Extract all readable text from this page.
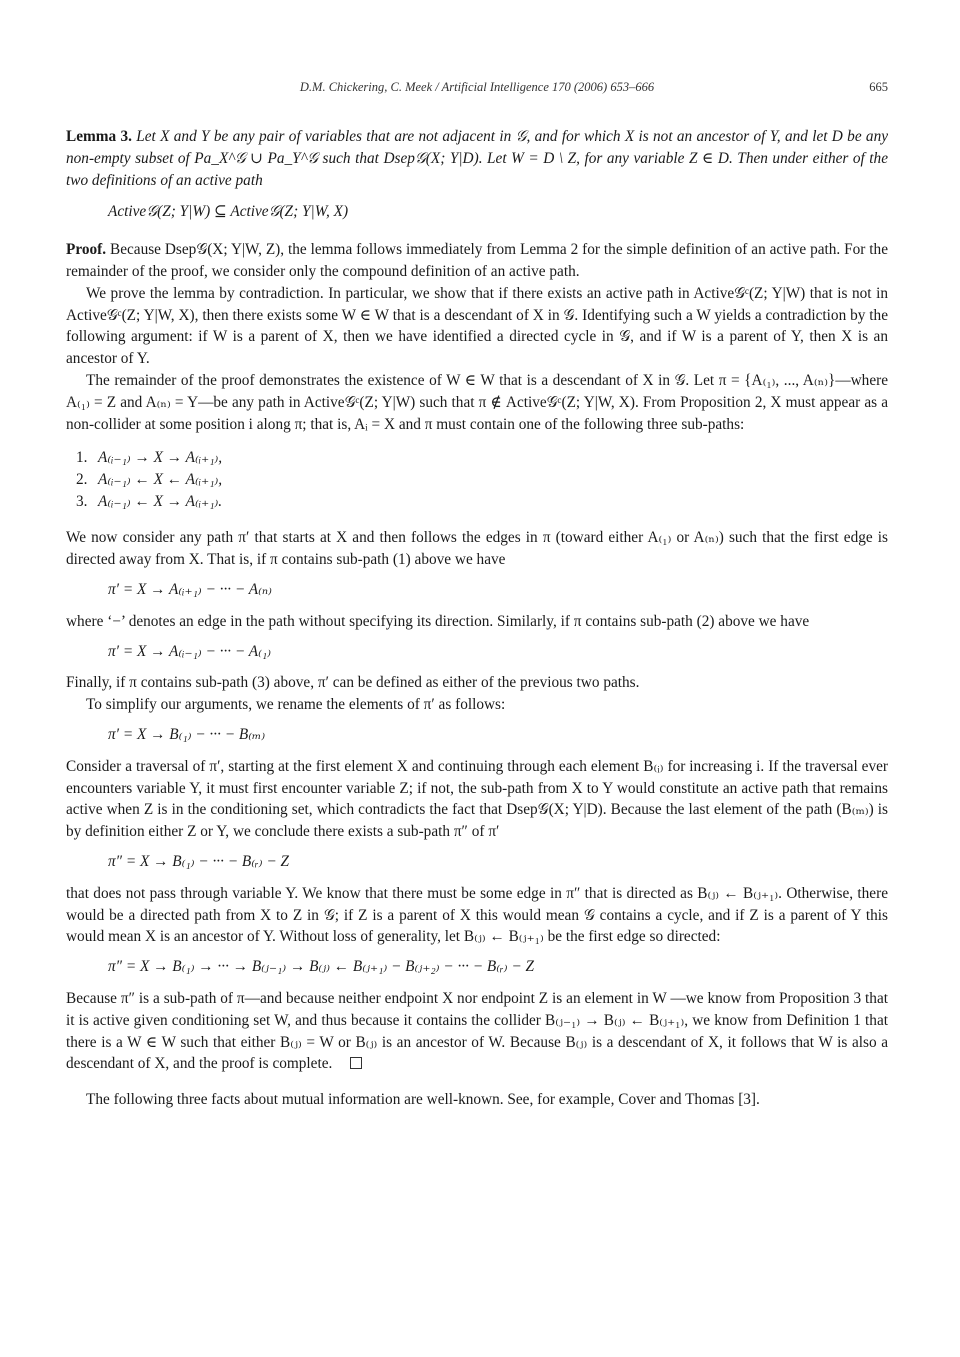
D.M. Chickering, C. Meek / Artificial Intelligence 170 (2006) 653–666	665

Lemma 3. Let X and Y be any pair of variables that are not adjacent in 𝒢, and for which X is not an ancestor of Y, and let D be any non-empty subset of Pa_X^𝒢 ∪ Pa_Y^𝒢 such that Dsep𝒢(X; Y|D). Let W = D \ Z, for any variable Z ∈ D. Then under either of the two definitions of an active path

Active𝒢(Z; Y|W) ⊆ Active𝒢(Z; Y|W, X)

Proof. Because Dsep𝒢(X; Y|W, Z), the lemma follows immediately from Lemma 2 for the simple definition of an active path. For the remainder of the proof, we consider only the compound definition of an active path.

We prove the lemma by contradiction. In particular, we show that if there exists an active path in Active𝒢ᶜ(Z; Y|W) that is not in Active𝒢ᶜ(Z; Y|W, X), then there exists some W ∈ W that is a descendant of X in 𝒢. Identifying such a W yields a contradiction by the following argument: if W is a parent of X, then we have identified a directed cycle in 𝒢, and if W is a parent of Y, then X is an ancestor of Y.

The remainder of the proof demonstrates the existence of W ∈ W that is a descendant of X in 𝒢. Let π = {A₍₁₎, ..., A₍ₙ₎}—where A₍₁₎ = Z and A₍ₙ₎ = Y—be any path in Active𝒢ᶜ(Z; Y|W) such that π ∉ Active𝒢ᶜ(Z; Y|W, X). From Proposition 2, X must appear as a non-collider at some position i along π; that is, Aᵢ = X and π must contain one of the following three sub-paths:

1. A₍ᵢ₋₁₎ → X → A₍ᵢ₊₁₎,
2. A₍ᵢ₋₁₎ ← X ← A₍ᵢ₊₁₎,
3. A₍ᵢ₋₁₎ ← X → A₍ᵢ₊₁₎.

We now consider any path π′ that starts at X and then follows the edges in π (toward either A₍₁₎ or A₍ₙ₎) such that the first edge is directed away from X. That is, if π contains sub-path (1) above we have

π′ = X → A₍ᵢ₊₁₎ − ··· − A₍ₙ₎

where ‘−’ denotes an edge in the path without specifying its direction. Similarly, if π contains sub-path (2) above we have

π′ = X → A₍ᵢ₋₁₎ − ··· − A₍₁₎

Finally, if π contains sub-path (3) above, π′ can be defined as either of the previous two paths.

To simplify our arguments, we rename the elements of π′ as follows:

π′ = X → B₍₁₎ − ··· − B₍ₘ₎

Consider a traversal of π′, starting at the first element X and continuing through each element B₍ᵢ₎ for increasing i. If the traversal ever encounters variable Y, it must first encounter variable Z; if not, the sub-path from X to Y would constitute an active path that remains active when Z is in the conditioning set, which contradicts the fact that Dsep𝒢(X; Y|D). Because the last element of the path (B₍ₘ₎) is by definition either Z or Y, we conclude there exists a sub-path π″ of π′

π″ = X → B₍₁₎ − ··· − B₍ᵣ₎ − Z

that does not pass through variable Y. We know that there must be some edge in π″ that is directed as B₍ⱼ₎ ← B₍ⱼ₊₁₎. Otherwise, there would be a directed path from X to Z in 𝒢; if Z is a parent of X this would mean 𝒢 contains a cycle, and if Z is a parent of Y this would mean X is an ancestor of Y. Without loss of generality, let B₍ⱼ₎ ← B₍ⱼ₊₁₎ be the first edge so directed:

π″ = X → B₍₁₎ → ··· → B₍ⱼ₋₁₎ → B₍ⱼ₎ ← B₍ⱼ₊₁₎ − B₍ⱼ₊₂₎ − ··· − B₍ᵣ₎ − Z

Because π″ is a sub-path of π—and because neither endpoint X nor endpoint Z is an element in W —we know from Proposition 3 that it is active given conditioning set W, and thus because it contains the collider B₍ⱼ₋₁₎ → B₍ⱼ₎ ← B₍ⱼ₊₁₎, we know from Definition 1 that there is a W ∈ W such that either B₍ⱼ₎ = W or B₍ⱼ₎ is an ancestor of W. Because B₍ⱼ₎ is a descendant of X, it follows that W is also a descendant of X, and the proof is complete.

The following three facts about mutual information are well-known. See, for example, Cover and Thomas [3].
